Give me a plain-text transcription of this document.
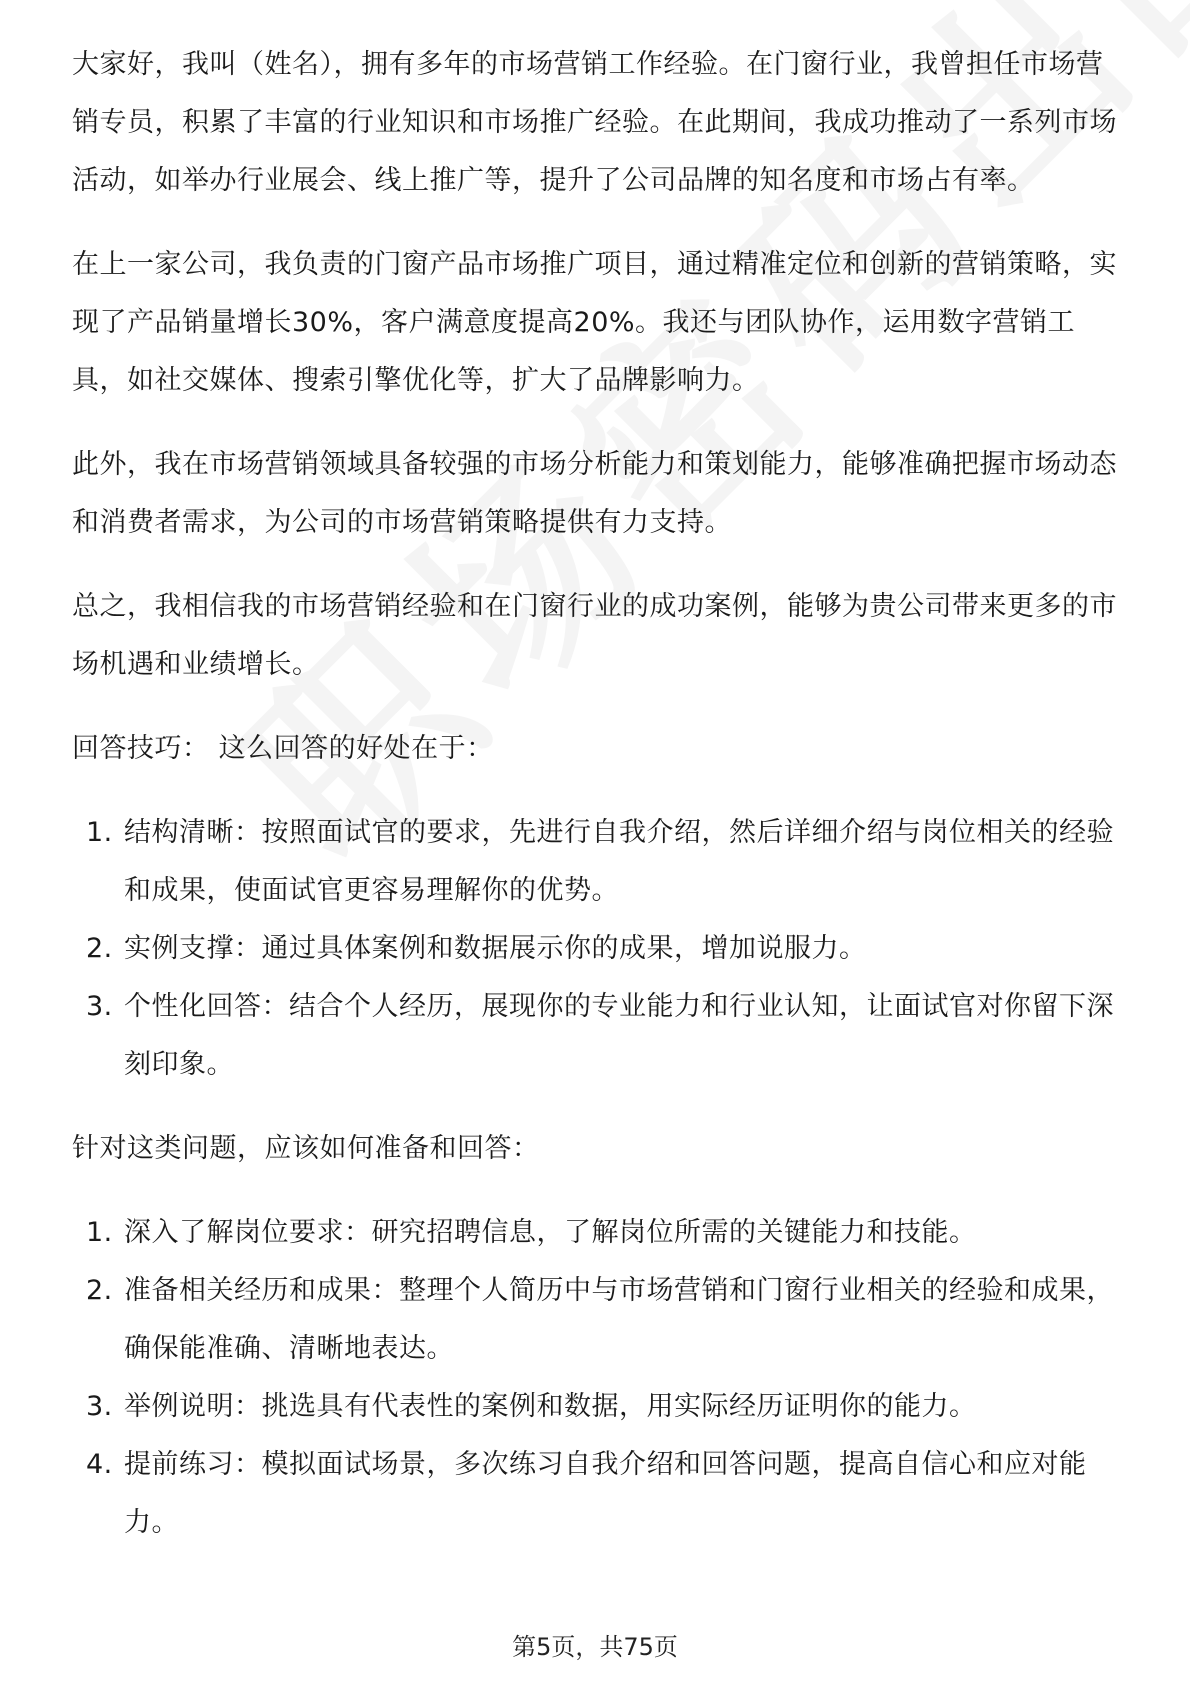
大家好，我叫（姓名），拥有多年的市场营销工作经验。在门窗行业，我曾担任市场营销专员，积累了丰富的行业知识和市场推广经验。在此期间，我成功推动了一系列市场活动，如举办行业展会、线上推广等，提升了公司品牌的知名度和市场占有率。

在上一家公司，我负责的门窗产品市场推广项目，通过精准定位和创新的营销策略，实现了产品销量增长30%，客户满意度提高20%。我还与团队协作，运用数字营销工具，如社交媒体、搜索引擎优化等，扩大了品牌影响力。

此外，我在市场营销领域具备较强的市场分析能力和策划能力，能够准确把握市场动态和消费者需求，为公司的市场营销策略提供有力支持。

总之，我相信我的市场营销经验和在门窗行业的成功案例，能够为贵公司带来更多的市场机遇和业绩增长。

回答技巧： 这么回答的好处在于：

1. 结构清晰：按照面试官的要求，先进行自我介绍，然后详细介绍与岗位相关的经验和成果，使面试官更容易理解你的优势。
2. 实例支撑：通过具体案例和数据展示你的成果，增加说服力。
3. 个性化回答：结合个人经历，展现你的专业能力和行业认知，让面试官对你留下深刻印象。

针对这类问题，应该如何准备和回答：

1. 深入了解岗位要求：研究招聘信息，了解岗位所需的关键能力和技能。
2. 准备相关经历和成果：整理个人简历中与市场营销和门窗行业相关的经验和成果，确保能准确、清晰地表达。
3. 举例说明：挑选具有代表性的案例和数据，用实际经历证明你的能力。
4. 提前练习：模拟面试场景，多次练习自我介绍和回答问题，提高自信心和应对能力。
第5页，共75页
